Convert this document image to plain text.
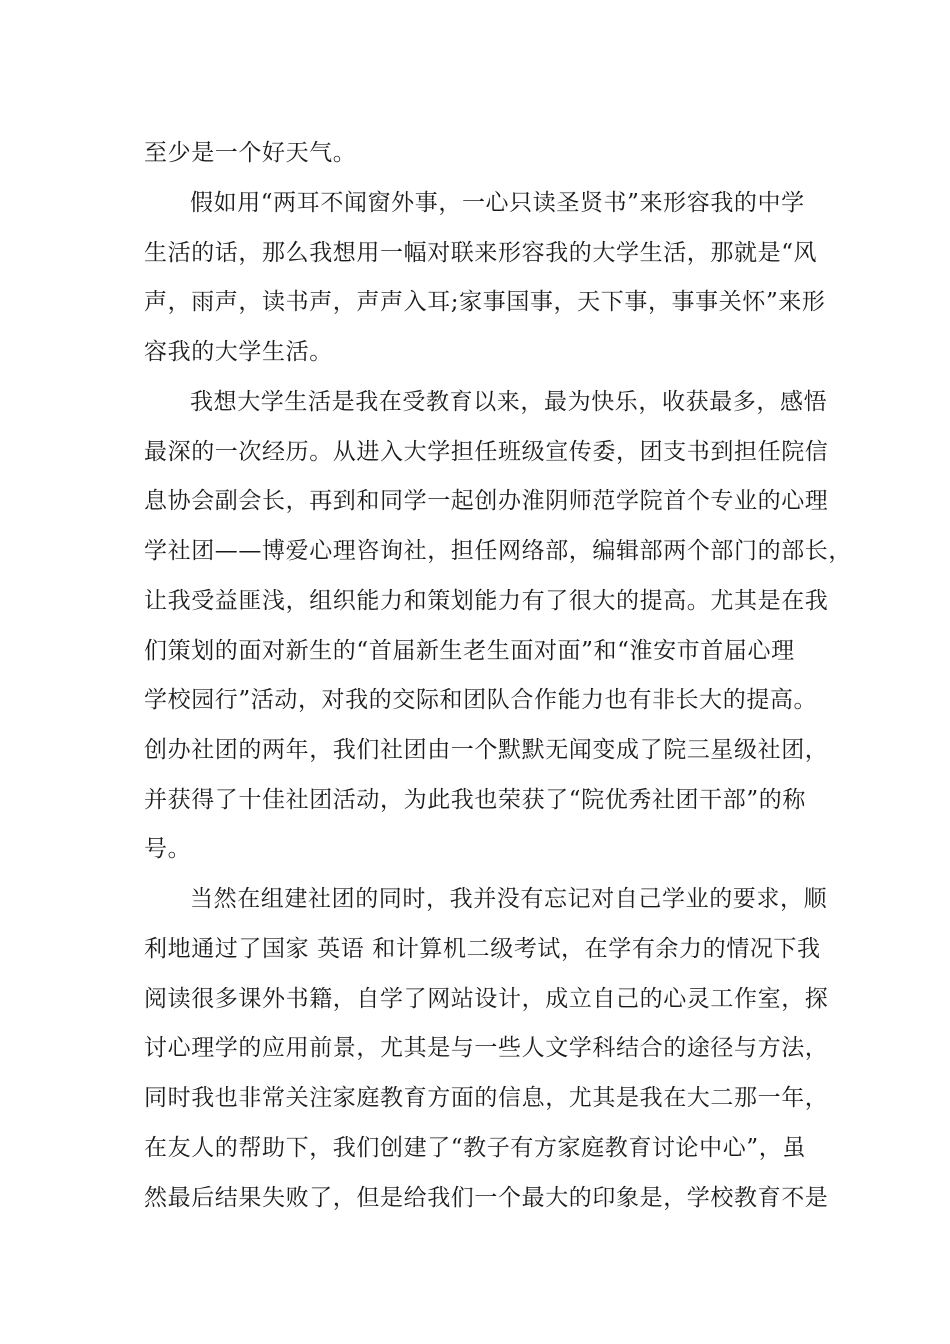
至少是一个好天气。
假如用“两耳不闻窗外事，一心只读圣贤书”来形容我的中学
生活的话，那么我想用一幅对联来形容我的大学生活，那就是“风
声，雨声，读书声，声声入耳;家事国事，天下事，事事关怀”来形
容我的大学生活。
我想大学生活是我在受教育以来，最为快乐，收获最多，感悟
最深的一次经历。从进入大学担任班级宣传委，团支书到担任院信
息协会副会长，再到和同学一起创办淮阴师范学院首个专业的心理
学社团——博爱心理咨询社，担任网络部，编辑部两个部门的部长，
让我受益匪浅，组织能力和策划能力有了很大的提高。尤其是在我
们策划的面对新生的“首届新生老生面对面”和“淮安市首届心理
学校园行”活动，对我的交际和团队合作能力也有非长大的提高。
创办社团的两年，我们社团由一个默默无闻变成了院三星级社团，
并获得了十佳社团活动，为此我也荣获了“院优秀社团干部”的称
号。
当然在组建社团的同时，我并没有忘记对自己学业的要求，顺
利地通过了国家 英语 和计算机二级考试，在学有余力的情况下我
阅读很多课外书籍，自学了网站设计，成立自己的心灵工作室，探
讨心理学的应用前景，尤其是与一些人文学科结合的途径与方法，
同时我也非常关注家庭教育方面的信息，尤其是我在大二那一年，
在友人的帮助下，我们创建了“教子有方家庭教育讨论中心”，虽
然最后结果失败了，但是给我们一个最大的印象是，学校教育不是
